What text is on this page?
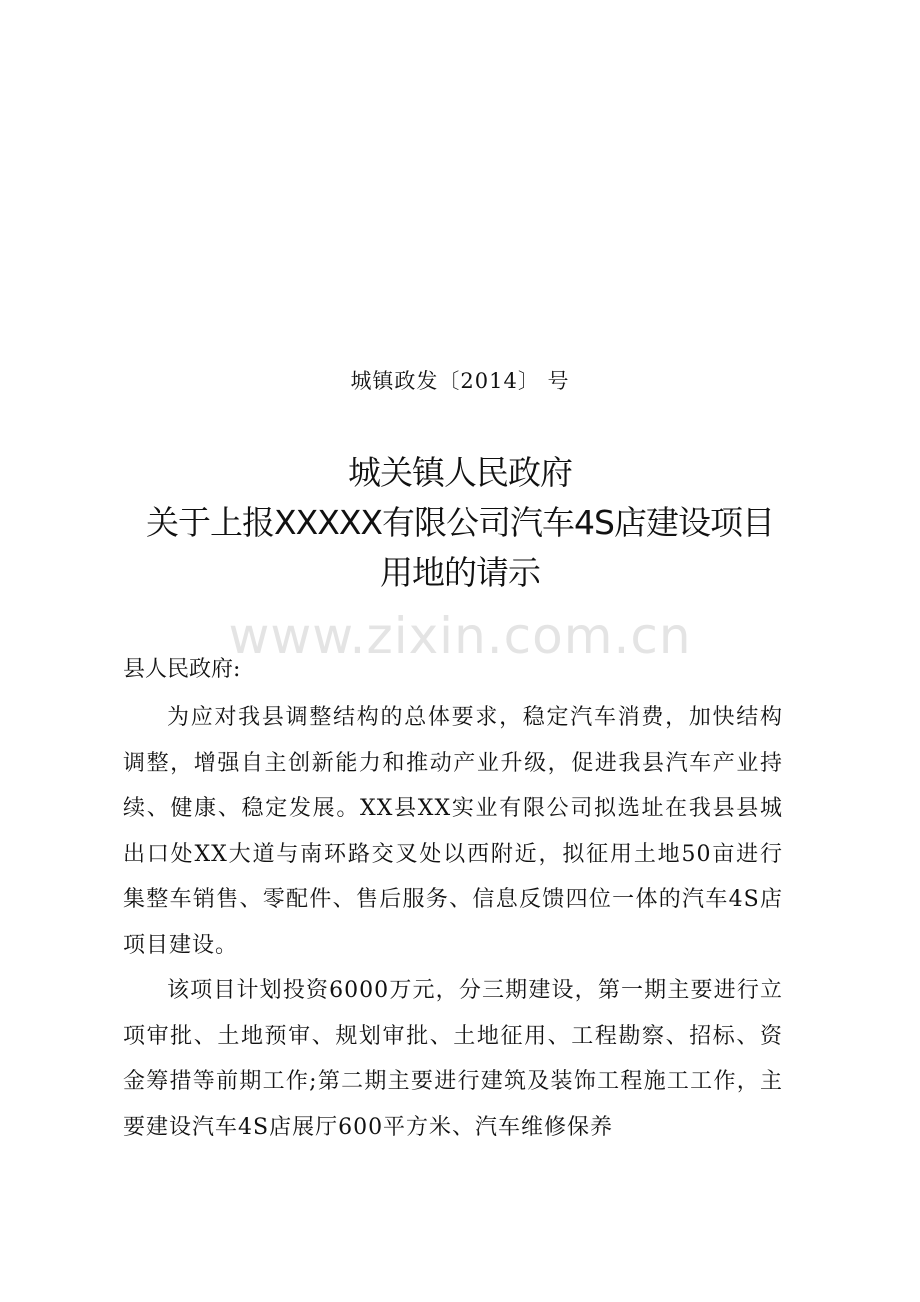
城镇政发〔2014〕 号
城关镇人民政府
关于上报XXXXX有限公司汽车4S店建设项目
用地的请示
www.zixin.com.cn
县人民政府:

为应对我县调整结构的总体要求，稳定汽车消费，加快结构调整，增强自主创新能力和推动产业升级，促进我县汽车产业持续、健康、稳定发展。XX县XX实业有限公司拟选址在我县县城出口处XX大道与南环路交叉处以西附近，拟征用土地50亩进行集整车销售、零配件、售后服务、信息反馈四位一体的汽车4S店项目建设。

该项目计划投资6000万元，分三期建设，第一期主要进行立项审批、土地预审、规划审批、土地征用、工程勘察、招标、资金筹措等前期工作;第二期主要进行建筑及装饰工程施工工作，主要建设汽车4S店展厅600平方米、汽车维修保养
